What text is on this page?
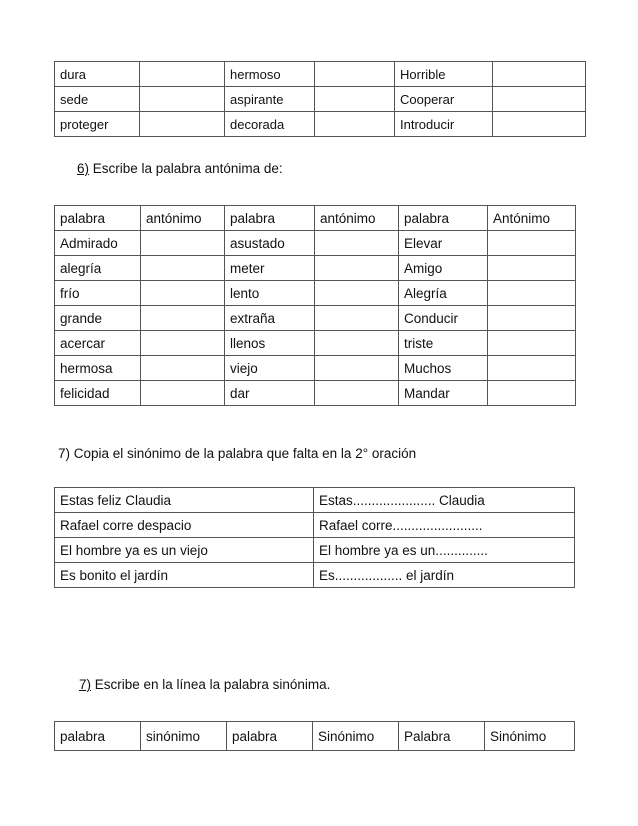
dura		hermoso		Horrible	
sede		aspirante		Cooperar	
proteger		decorada		Introducir	
6) Escribe la palabra antónima de:
palabra	antónimo	palabra	antónimo	palabra	Antónimo
Admirado		asustado		Elevar	
alegría		meter		Amigo	
frío		lento		Alegría	
grande		extraña		Conducir	
acercar		llenos		triste	
hermosa		viejo		Muchos	
felicidad		dar		Mandar	
7) Copia el sinónimo de la palabra que falta en la 2° oración
Estas feliz Claudia	Estas...................... Claudia
Rafael corre despacio	Rafael corre........................
El hombre ya es un viejo	El hombre ya es un..............
Es bonito el jardín	Es.................. el jardín
7) Escribe en la línea la palabra sinónima.
palabra	sinónimo	palabra	Sinónimo	Palabra	Sinónimo
